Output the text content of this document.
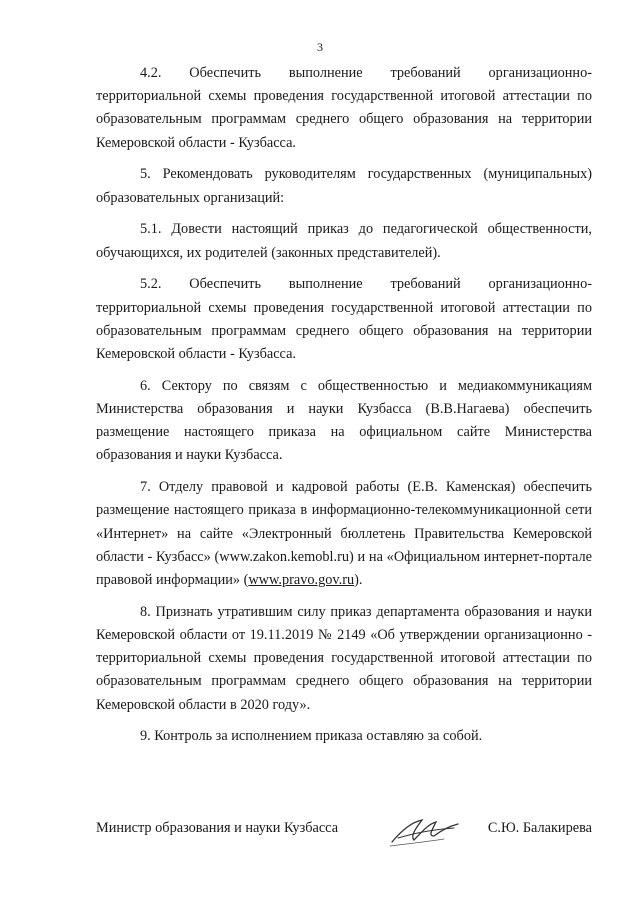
3

4.2. Обеспечить выполнение требований организационно-территориальной схемы проведения государственной итоговой аттестации по образовательным программам среднего общего образования на территории Кемеровской области - Кузбасса.

5. Рекомендовать руководителям государственных (муниципальных) образовательных организаций:

5.1. Довести настоящий приказ до педагогической общественности, обучающихся, их родителей (законных представителей).

5.2. Обеспечить выполнение требований организационно-территориальной схемы проведения государственной итоговой аттестации по образовательным программам среднего общего образования на территории Кемеровской области - Кузбасса.

6. Сектору по связям с общественностью и медиакоммуникациям Министерства образования и науки Кузбасса (В.В.Нагаева) обеспечить размещение настоящего приказа на официальном сайте Министерства образования и науки Кузбасса.

7. Отделу правовой и кадровой работы (Е.В. Каменская) обеспечить размещение настоящего приказа в информационно-телекоммуникационной сети «Интернет» на сайте «Электронный бюллетень Правительства Кемеровской области - Кузбасс» (www.zakon.kemobl.ru) и на «Официальном интернет-портале правовой информации» (www.pravo.gov.ru).

8. Признать утратившим силу приказ департамента образования и науки Кемеровской области от 19.11.2019 № 2149 «Об утверждении организационно - территориальной схемы проведения государственной итоговой аттестации по образовательным программам среднего общего образования на территории Кемеровской области в 2020 году».

9. Контроль за исполнением приказа оставляю за собой.

Министр образования и науки Кузбасса	С.Ю. Балакирева
